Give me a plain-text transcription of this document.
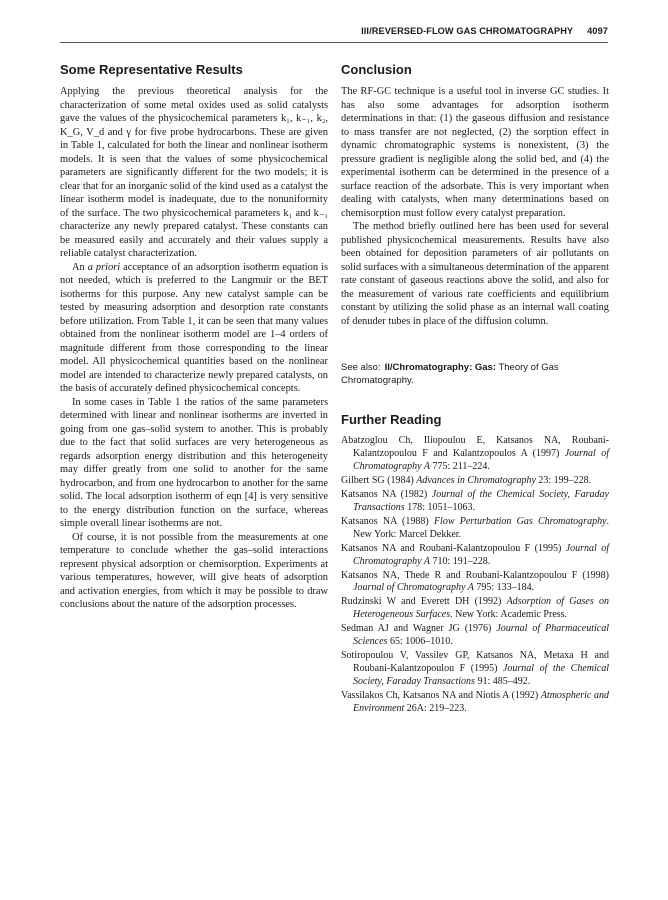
III/REVERSED-FLOW GAS CHROMATOGRAPHY 4097
Some Representative Results

Applying the previous theoretical analysis for the characterization of some metal oxides used as solid catalysts gave the values of the physicochemical parameters k₁, k₋₁, k₂, K_G, V_d and γ for five probe hydrocarbons. These are given in Table 1, calculated for both the linear and nonlinear isotherm models. It is seen that the values of some physicochemical parameters are significantly different for the two models; it is clear that for an inorganic solid of the kind used as a catalyst the linear isotherm model is inadequate, due to the nonuniformity of the surface. The two physicochemical parameters k₁ and k₋₁ characterize any newly prepared catalyst. These constants can be measured easily and accurately and their values supply a reliable catalyst characterization.

An a priori acceptance of an adsorption isotherm equation is not needed, which is preferred to the Langmuir or the BET isotherms for this purpose. Any new catalyst sample can be tested by measuring adsorption and desorption rate constants before utilization. From Table 1, it can be seen that many values obtained from the nonlinear isotherm model are 1–4 orders of magnitude different from those corresponding to the linear model. All physicochemical quantities based on the nonlinear model are intended to characterize newly prepared catalysts, on the basis of accurately defined physicochemical concepts.

In some cases in Table 1 the ratios of the same parameters determined with linear and nonlinear isotherms are inverted in going from one gas–solid system to another. This is probably due to the fact that solid surfaces are very heterogeneous as regards adsorption energy distribution and this heterogeneity may differ greatly from one solid to another for the same hydrocarbon, and from one hydrocarbon to another for the same solid. The local adsorption isotherm of eqn [4] is very sensitive to the energy distribution function on the surface, whereas simple overall linear isotherms are not.

Of course, it is not possible from the measurements at one temperature to conclude whether the gas–solid interactions represent physical adsorption or chemisorption. Experiments at various temperatures, however, will give heats of adsorption and activation energies, from which it may be possible to draw conclusions about the nature of the adsorption processes.

Conclusion

The RF-GC technique is a useful tool in inverse GC studies. It has also some advantages for adsorption isotherm determinations in that: (1) the gaseous diffusion and resistance to mass transfer are not neglected, (2) the sorption effect in dynamic chromatographic systems is nonexistent, (3) the pressure gradient is negligible along the solid bed, and (4) the experimental isotherm can be determined in the presence of a surface reaction of the adsorbate. This is very important when dealing with catalysts, when many determinations based on chemisorption must follow every catalyst preparation.

The method briefly outlined here has been used for several published physicochemical measurements. Results have also been obtained for deposition parameters of air pollutants on solid surfaces with a simultaneous determination of the apparent rate constant of gaseous reactions above the solid, and also for the measurement of various rate coefficients and equilibrium constant by utilizing the solid phase as an internal wall coating of denuder tubes in place of the diffusion column.

See also: II/Chromatography: Gas: Theory of Gas Chromatography.
Further Reading
Abatzoglou Ch, Iliopoulou E, Katsanos NA, Roubani-Kalantzopoulou F and Kalantzopoulos A (1997) Journal of Chromatography A 775: 211–224.
Gilbert SG (1984) Advances in Chromatography 23: 199–228.
Katsanos NA (1982) Journal of the Chemical Society, Faraday Transactions 178: 1051–1063.
Katsanos NA (1988) Flow Perturbation Gas Chromatography. New York: Marcel Dekker.
Katsanos NA and Roubani-Kalantzopoulou F (1995) Journal of Chromatography A 710: 191–228.
Katsanos NA, Thede R and Roubani-Kalantzopoulou F (1998) Journal of Chromatography A 795: 133–184.
Rudzinski W and Everett DH (1992) Adsorption of Gases on Heterogeneous Surfaces. New York: Academic Press.
Sedman AJ and Wagner JG (1976) Journal of Pharmaceutical Sciences 65: 1006–1010.
Sotiropoulou V, Vassilev GP, Katsanos NA, Metaxa H and Roubani-Kalantzopoulou F (1995) Journal of the Chemical Society, Faraday Transactions 91: 485–492.
Vassilakos Ch, Katsanos NA and Niotis A (1992) Atmospheric and Environment 26A: 219–223.
